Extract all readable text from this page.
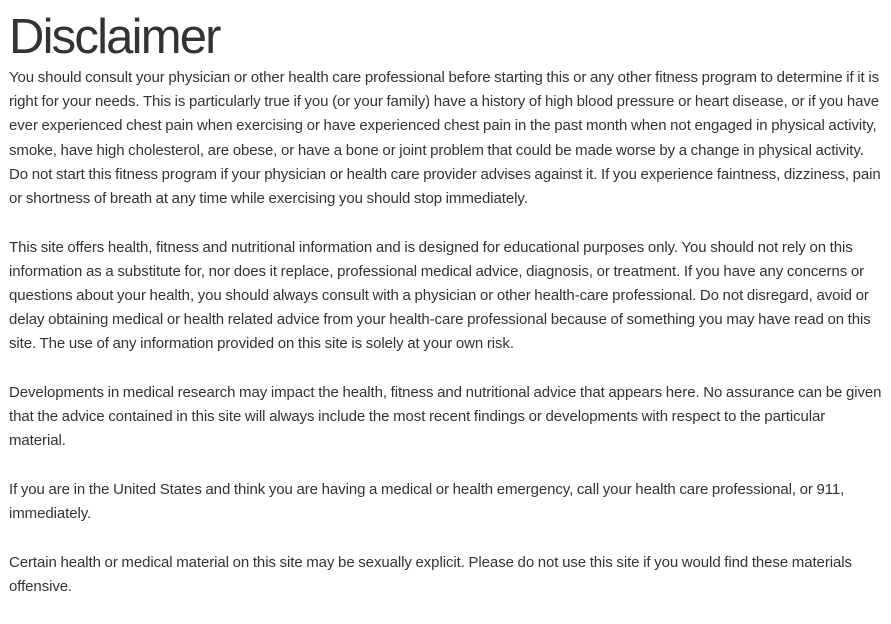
Disclaimer

You should consult your physician or other health care professional before starting this or any other fitness program to determine if it is right for your needs. This is particularly true if you (or your family) have a history of high blood pressure or heart disease, or if you have ever experienced chest pain when exercising or have experienced chest pain in the past month when not engaged in physical activity, smoke, have high cholesterol, are obese, or have a bone or joint problem that could be made worse by a change in physical activity. Do not start this fitness program if your physician or health care provider advises against it. If you experience faintness, dizziness, pain or shortness of breath at any time while exercising you should stop immediately.

This site offers health, fitness and nutritional information and is designed for educational purposes only. You should not rely on this information as a substitute for, nor does it replace, professional medical advice, diagnosis, or treatment. If you have any concerns or questions about your health, you should always consult with a physician or other health-care professional. Do not disregard, avoid or delay obtaining medical or health related advice from your health-care professional because of something you may have read on this site. The use of any information provided on this site is solely at your own risk.

Developments in medical research may impact the health, fitness and nutritional advice that appears here. No assurance can be given that the advice contained in this site will always include the most recent findings or developments with respect to the particular material.

If you are in the United States and think you are having a medical or health emergency, call your health care professional, or 911, immediately.

Certain health or medical material on this site may be sexually explicit. Please do not use this site if you would find these materials offensive.
